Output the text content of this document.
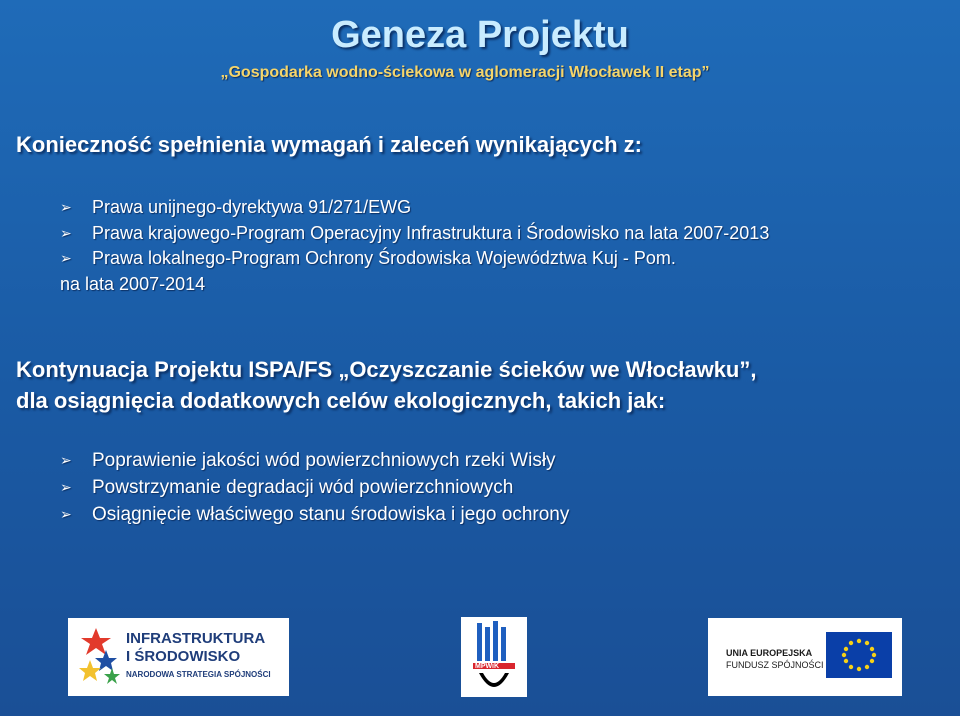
Geneza Projektu
„Gospodarka wodno-ściekowa w aglomeracji Włocławek II etap”
Konieczność spełnienia wymagań i zaleceń wynikających z:
➢ Prawa unijnego-dyrektywa 91/271/EWG
➢ Prawa krajowego-Program Operacyjny Infrastruktura i Środowisko na lata 2007-2013
➢ Prawa lokalnego-Program Ochrony Środowiska Województwa Kuj - Pom.
na lata 2007-2014
Kontynuacja Projektu ISPA/FS „Oczyszczanie ścieków we Włocławku”,
dla osiągnięcia dodatkowych celów ekologicznych, takich jak:
➢ Poprawienie jakości wód powierzchniowych rzeki Wisły
➢ Powstrzymanie degradacji wód powierzchniowych
➢ Osiągnięcie właściwego stanu środowiska i jego ochrony
INFRASTRUKTURA
I ŚRODOWISKO
NARODOWA STRATEGIA SPÓJNOŚCI
MPWiK
UNIA EUROPEJSKA
FUNDUSZ SPÓJNOŚCI
